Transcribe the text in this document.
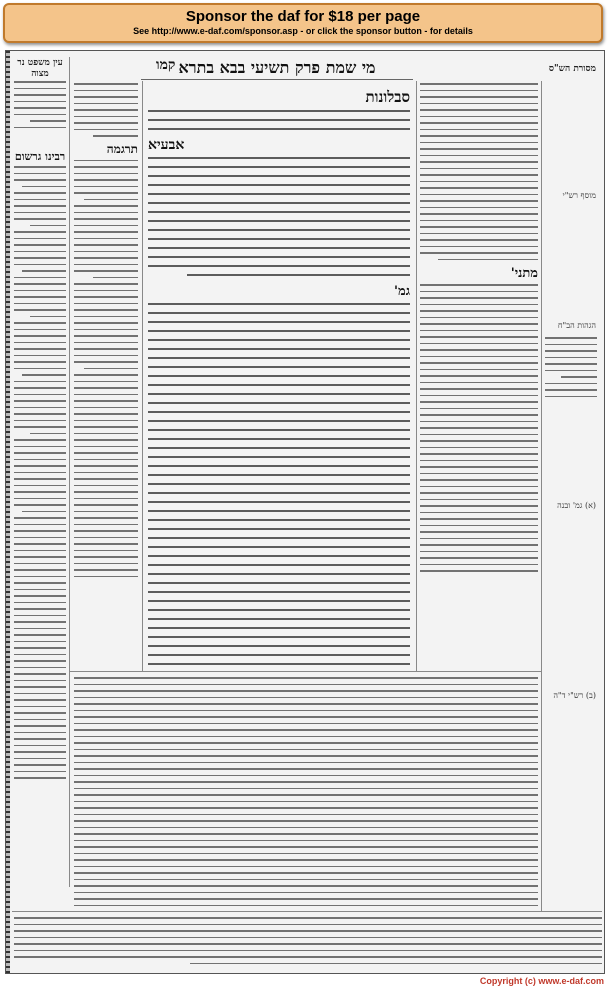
Sponsor the daf for $18 per page
See http://www.e-daf.com/sponsor.asp - or click the sponsor button - for details
קמו מי שמת פרק תשיעי בבא בתרא
עין משפט נר מצוה	מסורת הש"ס
רבינו גרשום
תרגמה
סבלונות
אבעיא
גמ'
מתני'
מוסף רש"י
הגהות הב"ח
(א) גמ' ובנה
(ב) רש"י ד"ה
Copyright (c) www.e-daf.com
